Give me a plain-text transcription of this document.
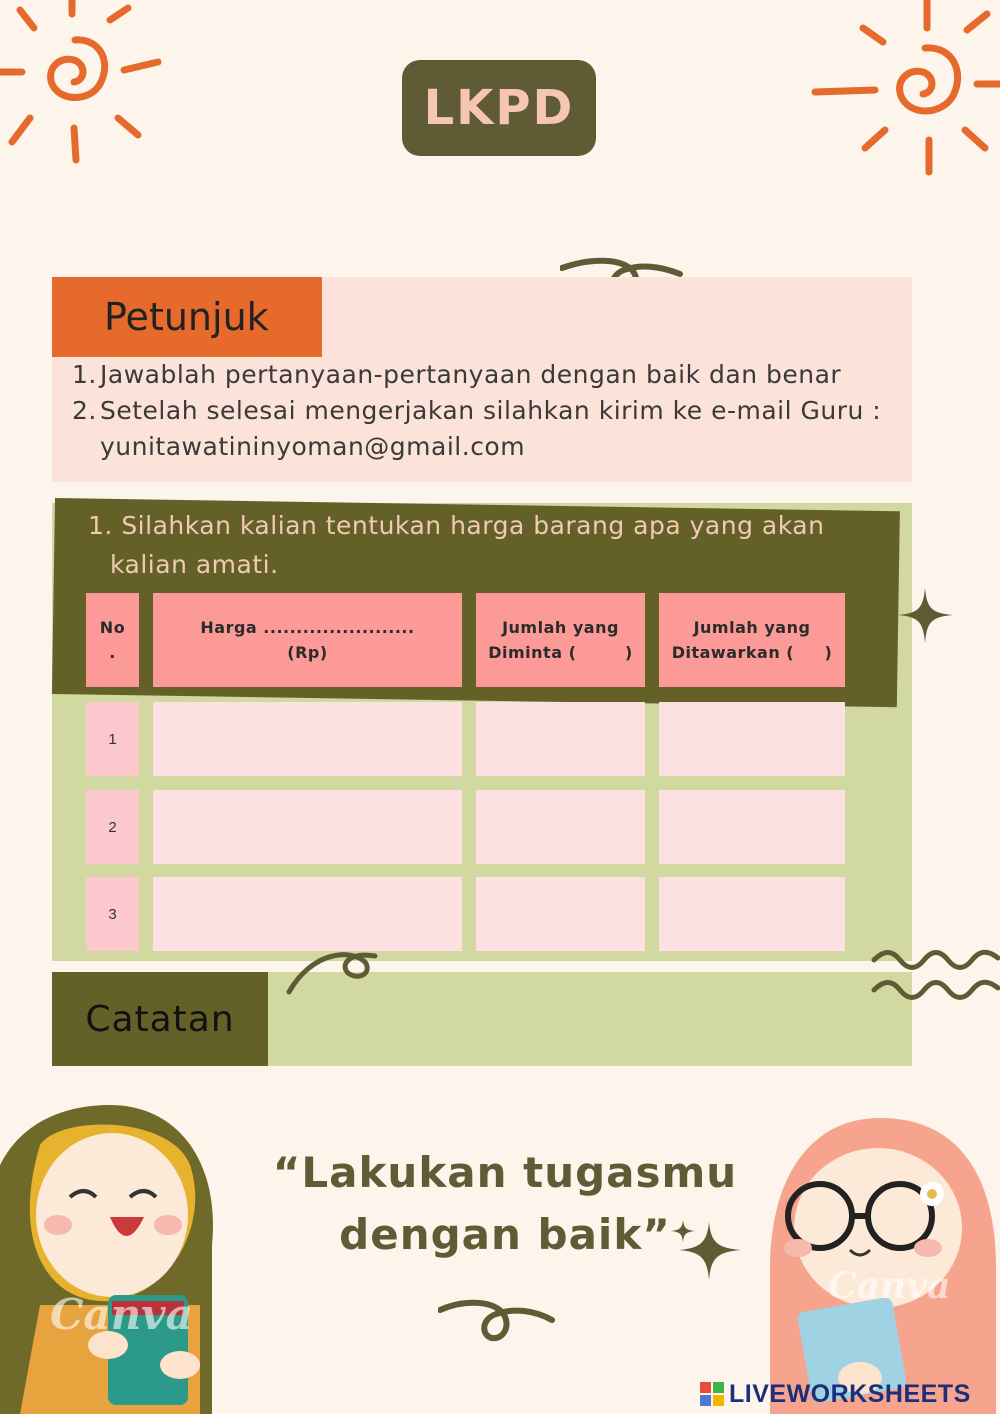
LKPD
Petunjuk
1. Jawablah pertanyaan-pertanyaan dengan baik dan benar
2. Setelah selesai mengerjakan silahkan kirim ke e-mail Guru :
yunitawatininyoman@gmail.com
1. Silahkan kalian tentukan harga barang apa yang akan
kalian amati.
No
.
Harga .......................
(Rp)
Jumlah yang
Diminta (        )
Jumlah yang
Ditawarkan (     )
1
2
3
Catatan
Canva
“Lakukan tugasmu
dengan baik”
Canva
LIVEWORKSHEETS
